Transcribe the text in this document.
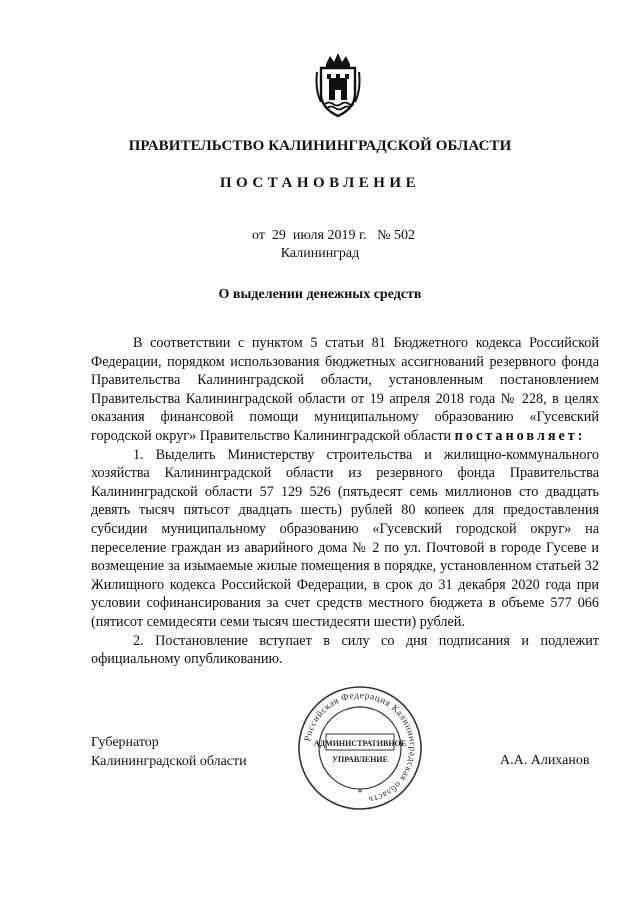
ПРАВИТЕЛЬСТВО КАЛИНИНГРАДСКОЙ ОБЛАСТИ
ПОСТАНОВЛЕНИЕ
от  29  июля 2019 г.   № 502
Калининград
О выделении денежных средств

В соответствии с пунктом 5 статьи 81 Бюджетного кодекса Российской Федерации, порядком использования бюджетных ассигнований резервного фонда Правительства Калининградской области, установленным постановлением Правительства Калининградской области от 19 апреля 2018 года № 228, в целях оказания финансовой помощи муниципальному образованию «Гусевский городской округ» Правительство Калининградской области постановляет:

1. Выделить Министерству строительства и жилищно-коммунального хозяйства Калининградской области из резервного фонда Правительства Калининградской области 57 129 526 (пятьдесят семь миллионов сто двадцать девять тысяч пятьсот двадцать шесть) рублей 80 копеек для предоставления субсидии муниципальному образованию «Гусевский городской округ» на переселение граждан из аварийного дома № 2 по ул. Почтовой в городе Гусеве и возмещение за изымаемые жилые помещения в порядке, установленном статьей 32 Жилищного кодекса Российской Федерации, в срок до 31 декабря 2020 года при условии софинансирования за счет средств местного бюджета в объеме 577 066 (пятисот семидесяти семи тысяч шестидесяти шести) рублей.

2. Постановление вступает в силу со дня подписания и подлежит официальному опубликованию.

Губернатор
Калининградской области
Российская Федерация Калининградская область
АДМИНИСТРАТИВНОЕ
УПРАВЛЕНИЕ
*
А.А. Алиханов
